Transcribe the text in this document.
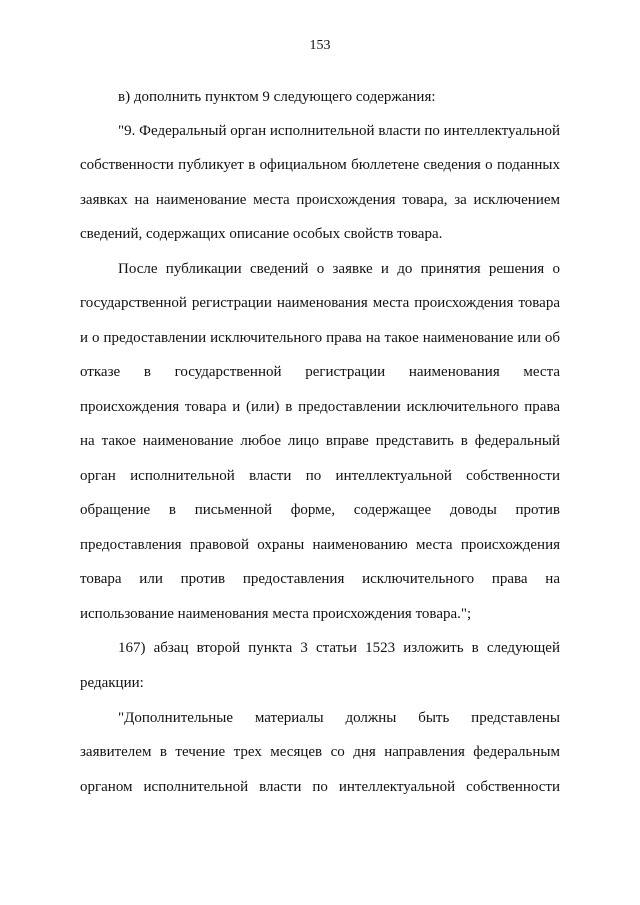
153
в) дополнить пунктом 9 следующего содержания:
"9. Федеральный орган исполнительной власти по интеллектуальной
собственности публикует в официальном бюллетене сведения о поданных
заявках на наименование места происхождения товара, за исключением
сведений, содержащих описание особых свойств товара.
После публикации сведений о заявке и до принятия решения о
государственной регистрации наименования места происхождения товара
и о предоставлении исключительного права на такое наименование или об
отказе в государственной регистрации наименования места
происхождения товара и (или) в предоставлении исключительного права
на такое наименование любое лицо вправе представить в федеральный
орган исполнительной власти по интеллектуальной собственности
обращение в письменной форме, содержащее доводы против
предоставления правовой охраны наименованию места происхождения
товара или против предоставления исключительного права на
использование наименования места происхождения товара.";
167) абзац второй пункта 3 статьи 1523 изложить в следующей
редакции:
"Дополнительные материалы должны быть представлены
заявителем в течение трех месяцев со дня направления федеральным
органом исполнительной власти по интеллектуальной собственности
